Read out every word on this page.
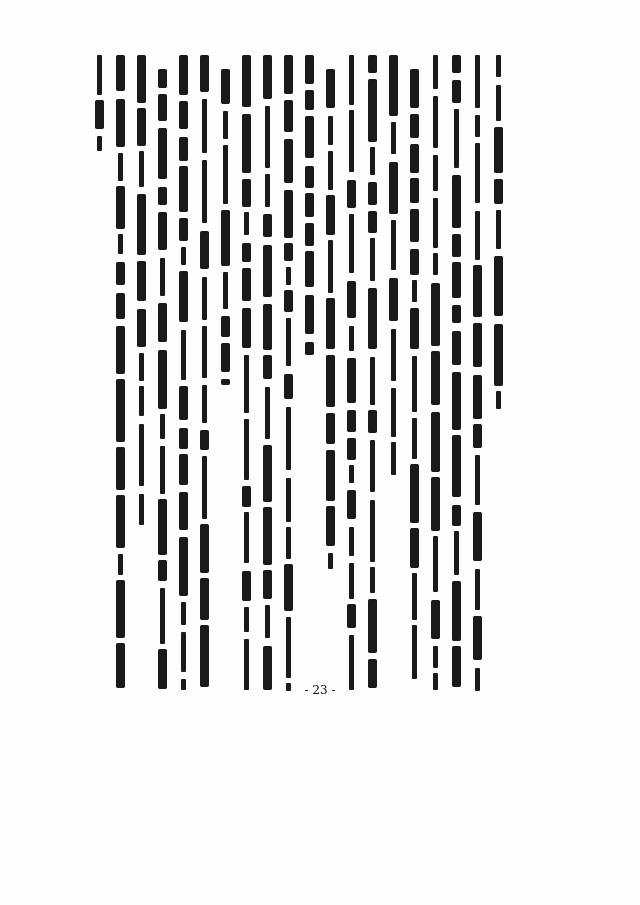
- 23 -
